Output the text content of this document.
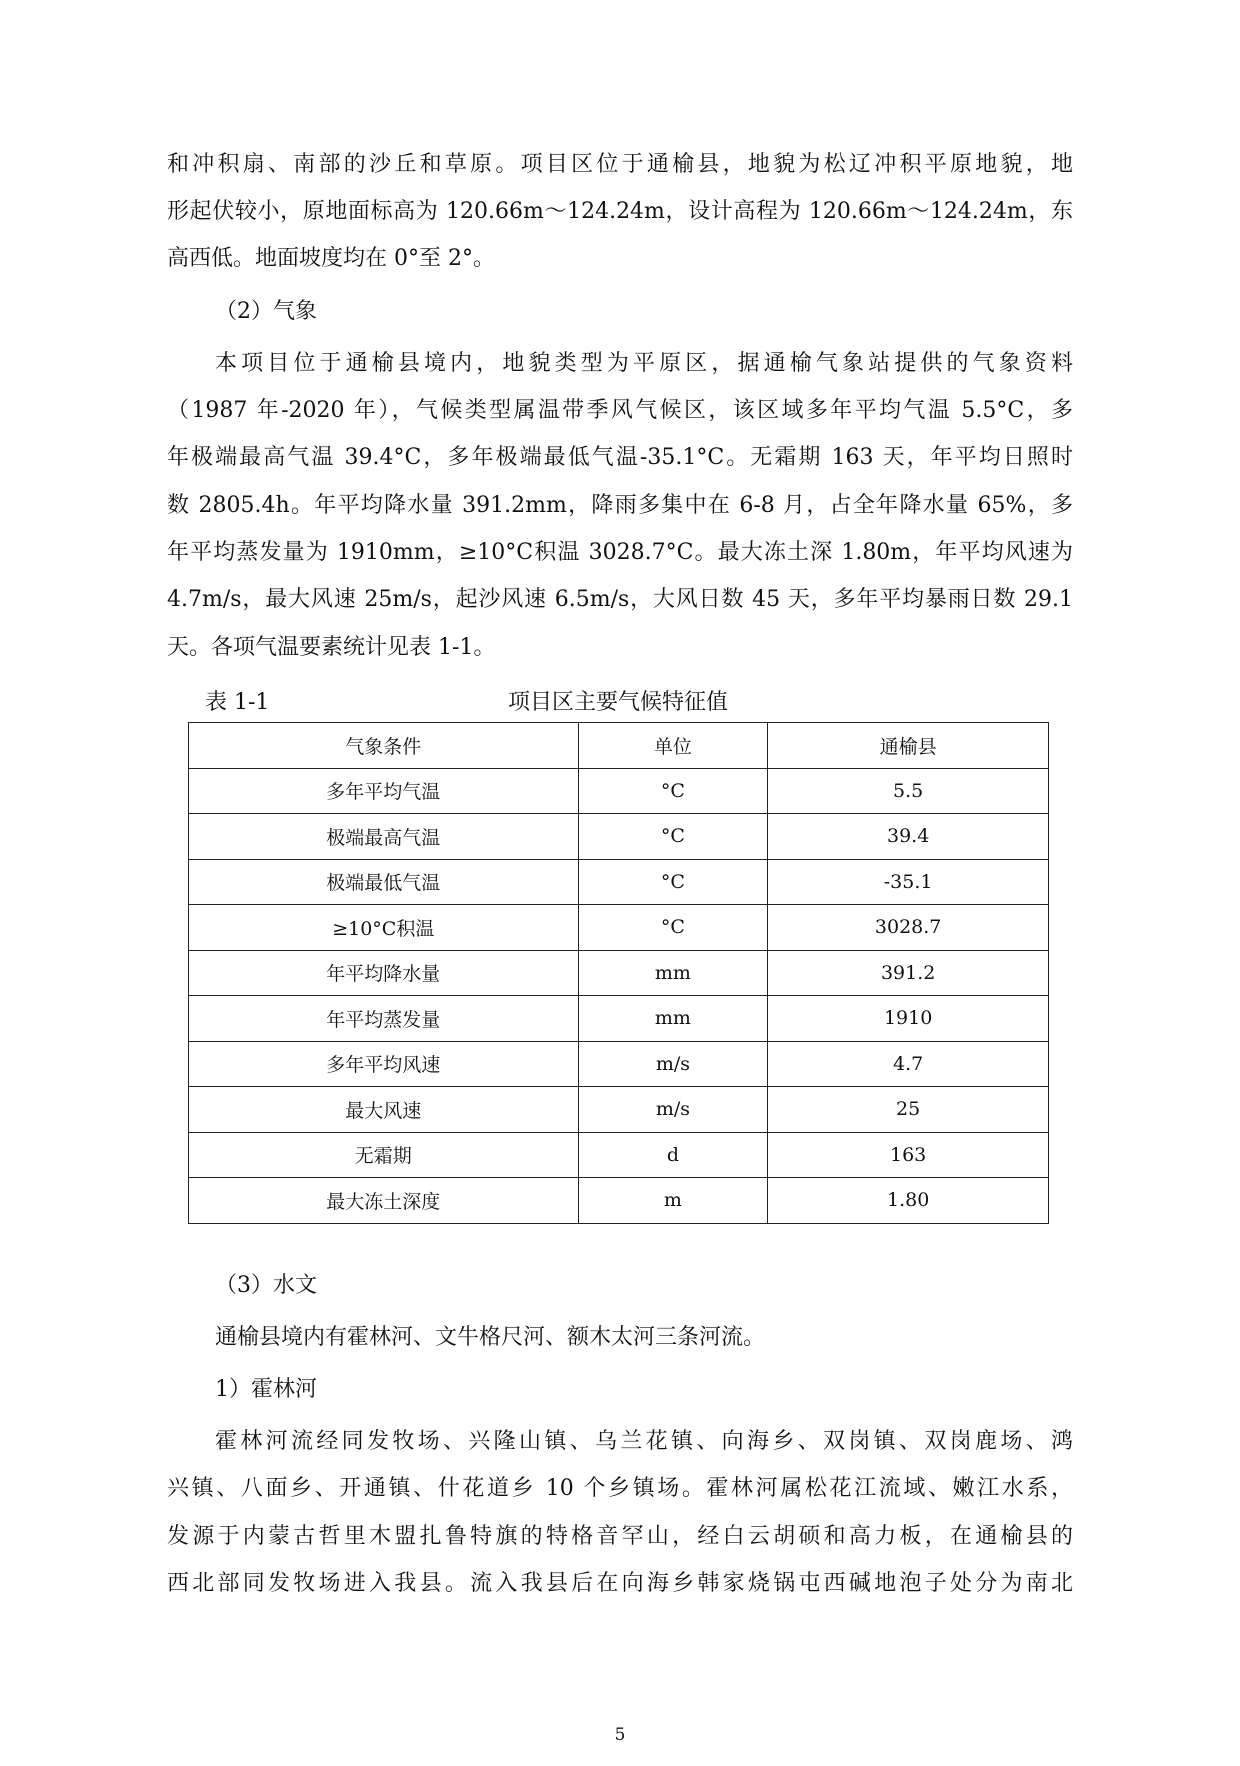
和冲积扇、南部的沙丘和草原。项目区位于通榆县，地貌为松辽冲积平原地貌，地
形起伏较小，原地面标高为 120.66m～124.24m，设计高程为 120.66m～124.24m，东
高西低。地面坡度均在 0°至 2°。
（2）气象
本项目位于通榆县境内，地貌类型为平原区，据通榆气象站提供的气象资料
（1987 年-2020 年），气候类型属温带季风气候区，该区域多年平均气温 5.5°C，多
年极端最高气温 39.4°C，多年极端最低气温-35.1°C。无霜期 163 天，年平均日照时
数 2805.4h。年平均降水量 391.2mm，降雨多集中在 6-8 月，占全年降水量 65%，多
年平均蒸发量为 1910mm，≥10°C积温 3028.7°C。最大冻土深 1.80m，年平均风速为
4.7m/s，最大风速 25m/s，起沙风速 6.5m/s，大风日数 45 天，多年平均暴雨日数 29.1
天。各项气温要素统计见表 1-1。
表 1-1	项目区主要气候特征值
气象条件	单位	通榆县
多年平均气温	°C	5.5
极端最高气温	°C	39.4
极端最低气温	°C	-35.1
≥10°C积温	°C	3028.7
年平均降水量	mm	391.2
年平均蒸发量	mm	1910
多年平均风速	m/s	4.7
最大风速	m/s	25
无霜期	d	163
最大冻土深度	m	1.80
（3）水文
通榆县境内有霍林河、文牛格尺河、额木太河三条河流。
1）霍林河
霍林河流经同发牧场、兴隆山镇、乌兰花镇、向海乡、双岗镇、双岗鹿场、鸿
兴镇、八面乡、开通镇、什花道乡 10 个乡镇场。霍林河属松花江流域、嫩江水系，
发源于内蒙古哲里木盟扎鲁特旗的特格音罕山，经白云胡硕和高力板，在通榆县的
西北部同发牧场进入我县。流入我县后在向海乡韩家烧锅屯西碱地泡子处分为南北
5
